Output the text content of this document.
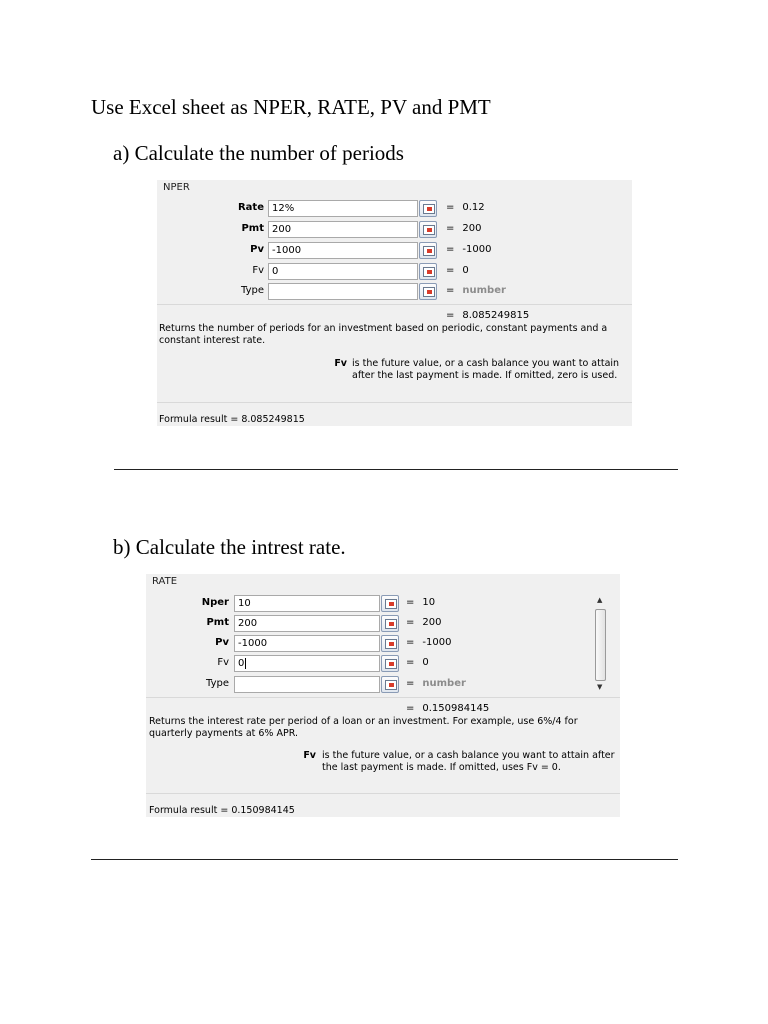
Use Excel sheet as NPER, RATE, PV and PMT
a) Calculate the number of periods
NPER
Rate 12%	= 0.12
Pmt 200	= 200
Pv -1000	= -1000
Fv 0	= 0
Type	= number
= 8.085249815
Returns the number of periods for an investment based on periodic, constant payments and a constant interest rate.
Fv is the future value, or a cash balance you want to attain after the last payment is made. If omitted, zero is used.
Formula result = 8.085249815
b) Calculate the intrest rate.
RATE
Nper 10	= 10
Pmt 200	= 200
Pv -1000	= -1000
Fv 0	= 0
Type	= number
▲
▼
= 0.150984145
Returns the interest rate per period of a loan or an investment. For example, use 6%/4 for quarterly payments at 6% APR.
Fv is the future value, or a cash balance you want to attain after the last payment is made. If omitted, uses Fv = 0.
Formula result = 0.150984145
